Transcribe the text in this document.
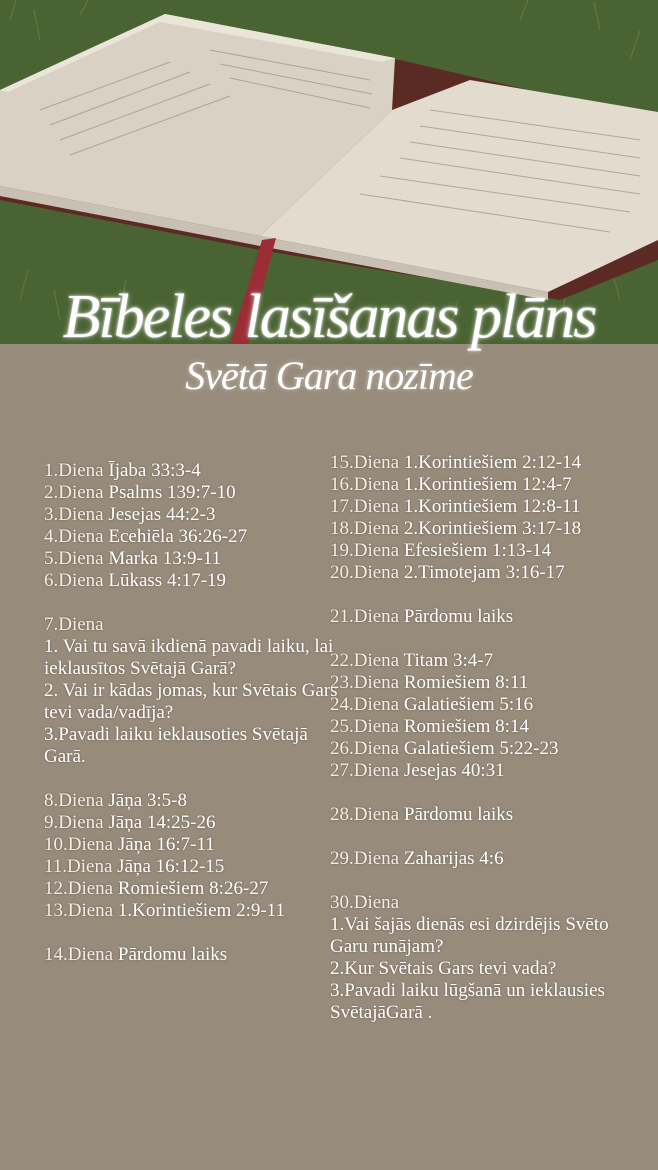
Bībeles lasīšanas plāns
Svētā Gara nozīme
1.Diena Ījaba 33:3-4
2.Diena Psalms 139:7-10
3.Diena Jesejas 44:2-3
4.Diena Ecehiēla 36:26-27
5.Diena Marka 13:9-11
6.Diena Lūkass 4:17-19
7.Diena
1. Vai tu savā ikdienā pavadi laiku, lai ieklausītos Svētajā Garā?
2. Vai ir kādas jomas, kur Svētais Gars tevi vada/vadīja?
3.Pavadi laiku ieklausoties Svētajā Garā.
8.Diena Jāņa 3:5-8
9.Diena Jāņa 14:25-26
10.Diena Jāņa 16:7-11
11.Diena Jāņa 16:12-15
12.Diena Romiešiem 8:26-27
13.Diena 1.Korintiešiem 2:9-11
14.Diena Pārdomu laiks
15.Diena 1.Korintiešiem 2:12-14
16.Diena 1.Korintiešiem 12:4-7
17.Diena 1.Korintiešiem 12:8-11
18.Diena 2.Korintiešiem 3:17-18
19.Diena Efesiešiem 1:13-14
20.Diena 2.Timotejam 3:16-17
21.Diena Pārdomu laiks
22.Diena Titam 3:4-7
23.Diena Romiešiem 8:11
24.Diena Galatiešiem 5:16
25.Diena Romiešiem 8:14
26.Diena Galatiešiem 5:22-23
27.Diena Jesejas 40:31
28.Diena Pārdomu laiks
29.Diena Zaharijas 4:6
30.Diena
1.Vai šajās dienās esi dzirdējis Svēto Garu runājam?
2.Kur Svētais Gars tevi vada?
3.Pavadi laiku lūgšanā un ieklausies SvētajāGarā .
